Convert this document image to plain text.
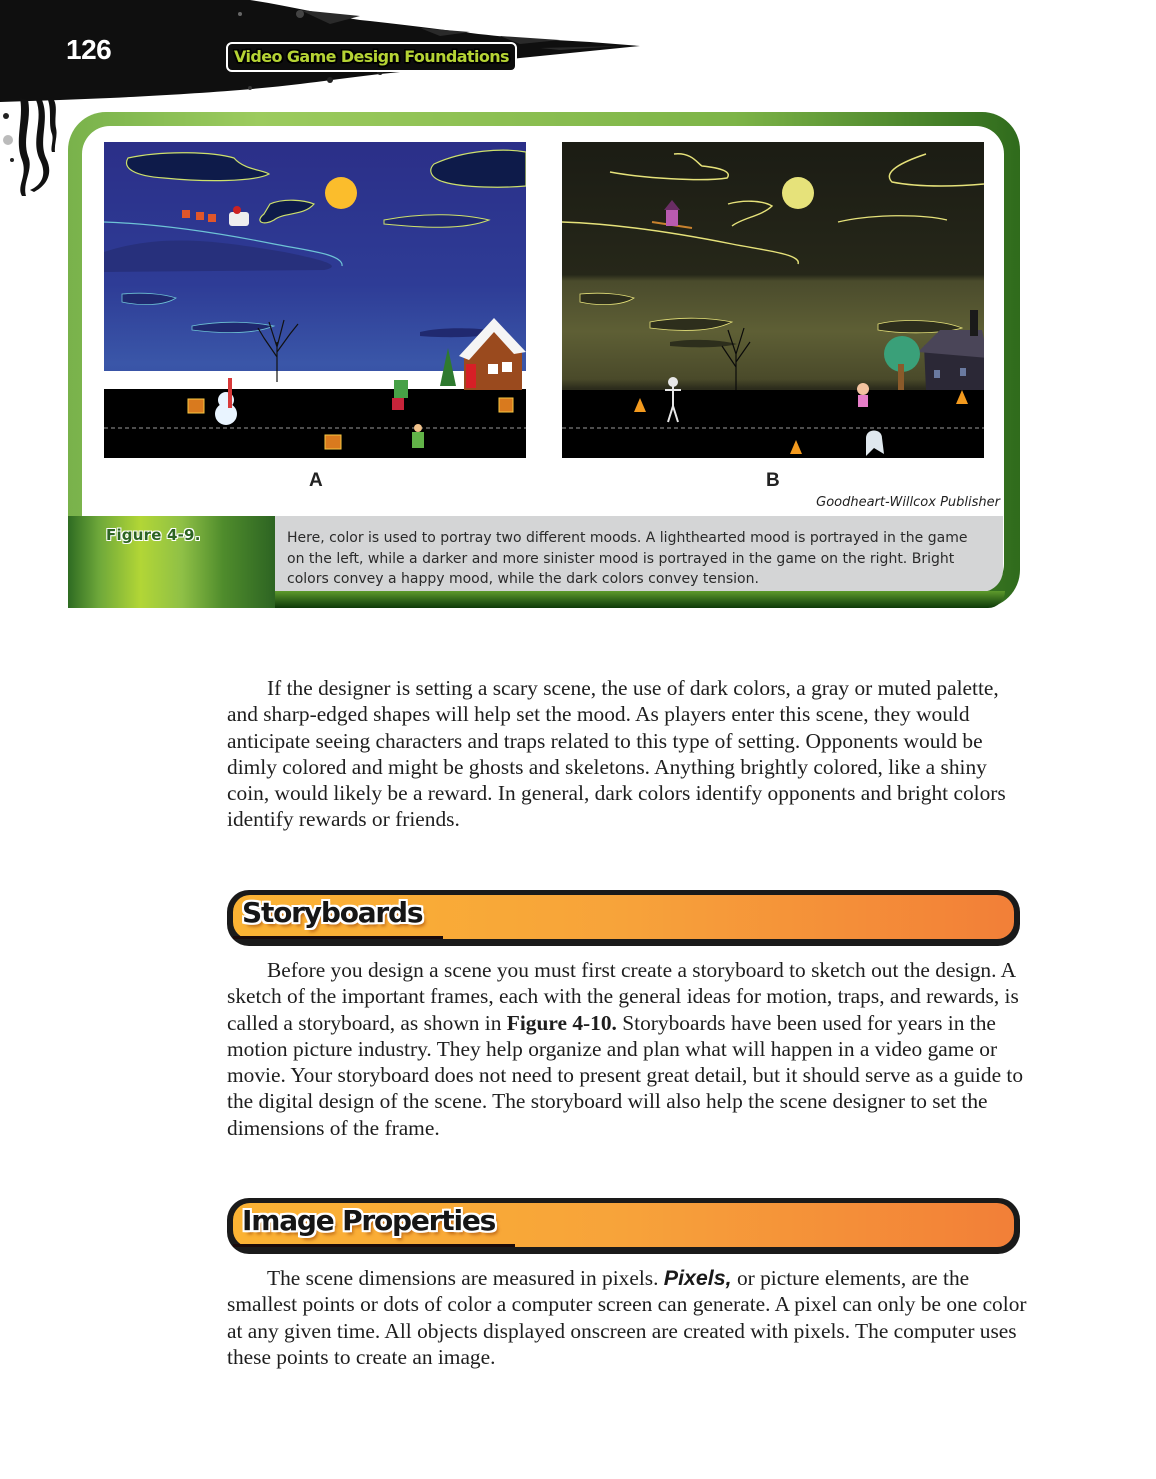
126	Video Game Design Foundations
A	B
Goodheart-Willcox Publisher
Figure 4-9.	Here, color is used to portray two different moods. A lighthearted mood is portrayed in the game on the left, while a darker and more sinister mood is portrayed in the game on the right. Bright colors convey a happy mood, while the dark colors convey tension.
If the designer is setting a scary scene, the use of dark colors, a gray or muted palette, and sharp-edged shapes will help set the mood. As players enter this scene, they would anticipate seeing characters and traps related to this type of setting. Opponents would be dimly colored and might be ghosts and skeletons. Anything brightly colored, like a shiny coin, would likely be a reward. In general, dark colors identify opponents and bright colors identify rewards or friends.
Storyboards
Before you design a scene you must first create a storyboard to sketch out the design. A sketch of the important frames, each with the general ideas for motion, traps, and rewards, is called a storyboard, as shown in Figure 4-10. Storyboards have been used for years in the motion picture industry. They help organize and plan what will happen in a video game or movie. Your storyboard does not need to present great detail, but it should serve as a guide to the digital design of the scene. The storyboard will also help the scene designer to set the dimensions of the frame.
Image Properties
The scene dimensions are measured in pixels. Pixels, or picture elements, are the smallest points or dots of color a computer screen can generate. A pixel can only be one color at any given time. All objects displayed onscreen are created with pixels. The computer uses these points to create an image.
